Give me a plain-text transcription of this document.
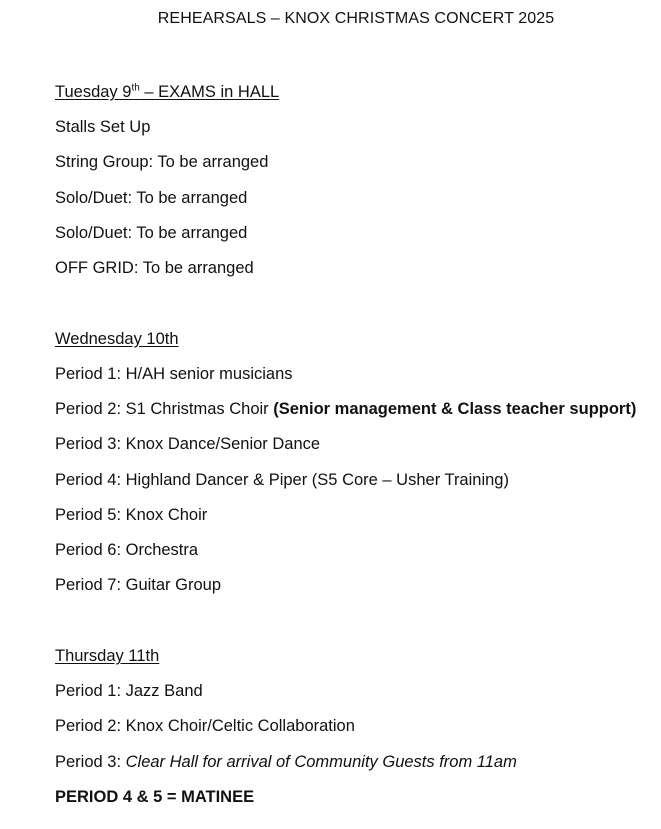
REHEARSALS – KNOX CHRISTMAS CONCERT 2025
Tuesday 9th – EXAMS in HALL
Stalls Set Up
String Group: To be arranged
Solo/Duet: To be arranged
Solo/Duet: To be arranged
OFF GRID: To be arranged
Wednesday 10th
Period 1: H/AH senior musicians
Period 2: S1 Christmas Choir (Senior management & Class teacher support)
Period 3: Knox Dance/Senior Dance
Period 4: Highland Dancer & Piper (S5 Core – Usher Training)
Period 5: Knox Choir
Period 6: Orchestra
Period 7: Guitar Group
Thursday 11th
Period 1: Jazz Band
Period 2: Knox Choir/Celtic Collaboration
Period 3: Clear Hall for arrival of Community Guests from 11am
PERIOD 4 & 5 = MATINEE
